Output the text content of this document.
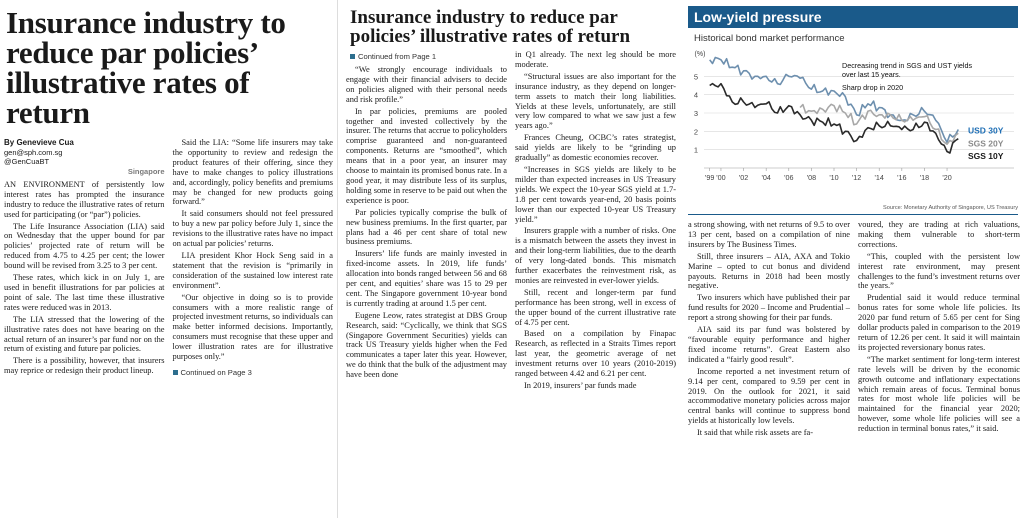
Insurance industry to reduce par policies’ illustrative rates of return
By Genevieve Cua
gen@sph.com.sg
@GenCuaBT
Singapore

AN ENVIRONMENT of persistently low interest rates has prompted the insurance industry to reduce the illustrative rates of return used for participating (or “par”) policies.

The Life Insurance Association (LIA) said on Wednesday that the upper bound for par policies’ projected rate of return will be reduced from 4.75 to 4.25 per cent; the lower bound will be revised from 3.25 to 3 per cent.

These rates, which kick in on July 1, are used in benefit illustrations for par policies at point of sale. The last time these illustrative rates were reduced was in 2013.

The LIA stressed that the lowering of the illustrative rates does not have bearing on the actual return of an insurer’s par fund nor on the return of existing and future par policies.

There is a possibility, however, that insurers may reprice or redesign their product lineup.

Said the LIA: “Some life insurers may take the opportunity to review and redesign the product features of their offering, since they have to make changes to policy illustrations and, accordingly, policy benefits and premiums may be changed for new products going forward.”

It said consumers should not feel pressured to buy a new par policy before July 1, since the revisions to the illustrative rates have no impact on actual par policies’ returns.

LIA president Khor Hock Seng said in a statement that the revision is “primarily in consideration of the sustained low interest rate environment”.

“Our objective in doing so is to provide consumers with a more realistic range of projected investment returns, so individuals can make better informed decisions. Importantly, consumers must recognise that these upper and lower illustration rates are for illustrative purposes only.”

Continued on Page 3
Insurance industry to reduce par policies’ illustrative rates of return
Continued from Page 1

“We strongly encourage individuals to engage with their financial advisers to decide on policies aligned with their personal needs and risk profile.”

In par policies, premiums are pooled together and invested collectively by the insurer. The returns that accrue to policyholders comprise guaranteed and non-guaranteed components. Returns are “smoothed”, which means that in a poor year, an insurer may choose to maintain its promised bonus rate. In a good year, it may distribute less of its surplus, holding some in reserve to be paid out when the experience is poor.

Par policies typically comprise the bulk of new business premiums. In the first quarter, par plans had a 46 per cent share of total new business premiums.

Insurers’ life funds are mainly invested in fixed-income assets. In 2019, life funds’ allocation into bonds ranged between 56 and 68 per cent, and equities’ share was 15 to 29 per cent. The Singapore government 10-year bond is currently trading at around 1.5 per cent.

Eugene Leow, rates strategist at DBS Group Research, said: “Cyclically, we think that SGS (Singapore Government Securities) yields can track US Treasury yields higher when the Fed communicates a taper later this year. However, we do think that the bulk of the adjustment may have been done

in Q1 already. The next leg should be more moderate.

“Structural issues are also important for the insurance industry, as they depend on longer-term assets to match their long liabilities. Yields at these levels, unfortunately, are still very low compared to what we saw just a few years ago.”

Frances Cheung, OCBC’s rates strategist, said yields are likely to be “grinding up gradually” as domestic economies recover.

“Increases in SGS yields are likely to be milder than expected increases in US Treasury yields. We expect the 10-year SGS yield at 1.7-1.8 per cent towards year-end, 20 basis points lower than our expected 10-year US Treasury yield.”

Insurers grapple with a number of risks. One is a mismatch between the assets they invest in and their long-term liabilities, due to the dearth of very long-dated bonds. This mismatch further exacerbates the reinvestment risk, as monies are reinvested in ever-lower yields.

Still, recent and longer-term par fund performance has been strong, well in excess of the upper bound of the current illustrative rate of 4.75 per cent.

Based on a compilation by Finapac Research, as reflected in a Straits Times report last year, the geometric average of net investment returns over 10 years (2010-2019) ranged between 4.42 and 6.21 per cent.

In 2019, insurers’ par funds made

Low-yield pressure
Historical bond market performance
1
2
3
4
5
(%)
'99 '00 '02 '04 '06 '08 '10 '12 '14 '16 '18 '20
USD 30Y
SGS 20Y
SGS 10Y
Decreasing trend in SGS and UST yields
over last 15 years.
Sharp drop in 2020
Source: Monetary Authority of Singapore, US Treasury

a strong showing, with net returns of 9.5 to over 13 per cent, based on a compilation of nine insurers by The Business Times.

Still, three insurers – AIA, AXA and Tokio Marine – opted to cut bonus and dividend payouts. Returns in 2018 had been mostly negative.

Two insurers which have published their par fund results for 2020 – Income and Prudential – report a strong showing for their par funds.

AIA said its par fund was bolstered by “favourable equity performance and higher fixed income returns”. Great Eastern also indicated a “fairly good result”.

Income reported a net investment return of 9.14 per cent, compared to 9.59 per cent in 2019. On the outlook for 2021, it said accommodative monetary policies across major central banks will continue to suppress bond yields at historically low levels.

It said that while risk assets are fa-

voured, they are trading at rich valuations, making them vulnerable to short-term corrections.

“This, coupled with the persistent low interest rate environment, may present challenges to the fund’s investment returns over the years.”

Prudential said it would reduce terminal bonus rates for some whole life policies. Its 2020 par fund return of 5.65 per cent for Sing dollar products paled in comparison to the 2019 return of 12.26 per cent. It said it will maintain its projected reversionary bonus rates.

“The market sentiment for long-term interest rate levels will be driven by the economic growth outcome and inflationary expectations which remain areas of focus. Terminal bonus rates for most whole life policies will be maintained for the financial year 2020; however, some whole life policies will see a reduction in terminal bonus rates,” it said.
